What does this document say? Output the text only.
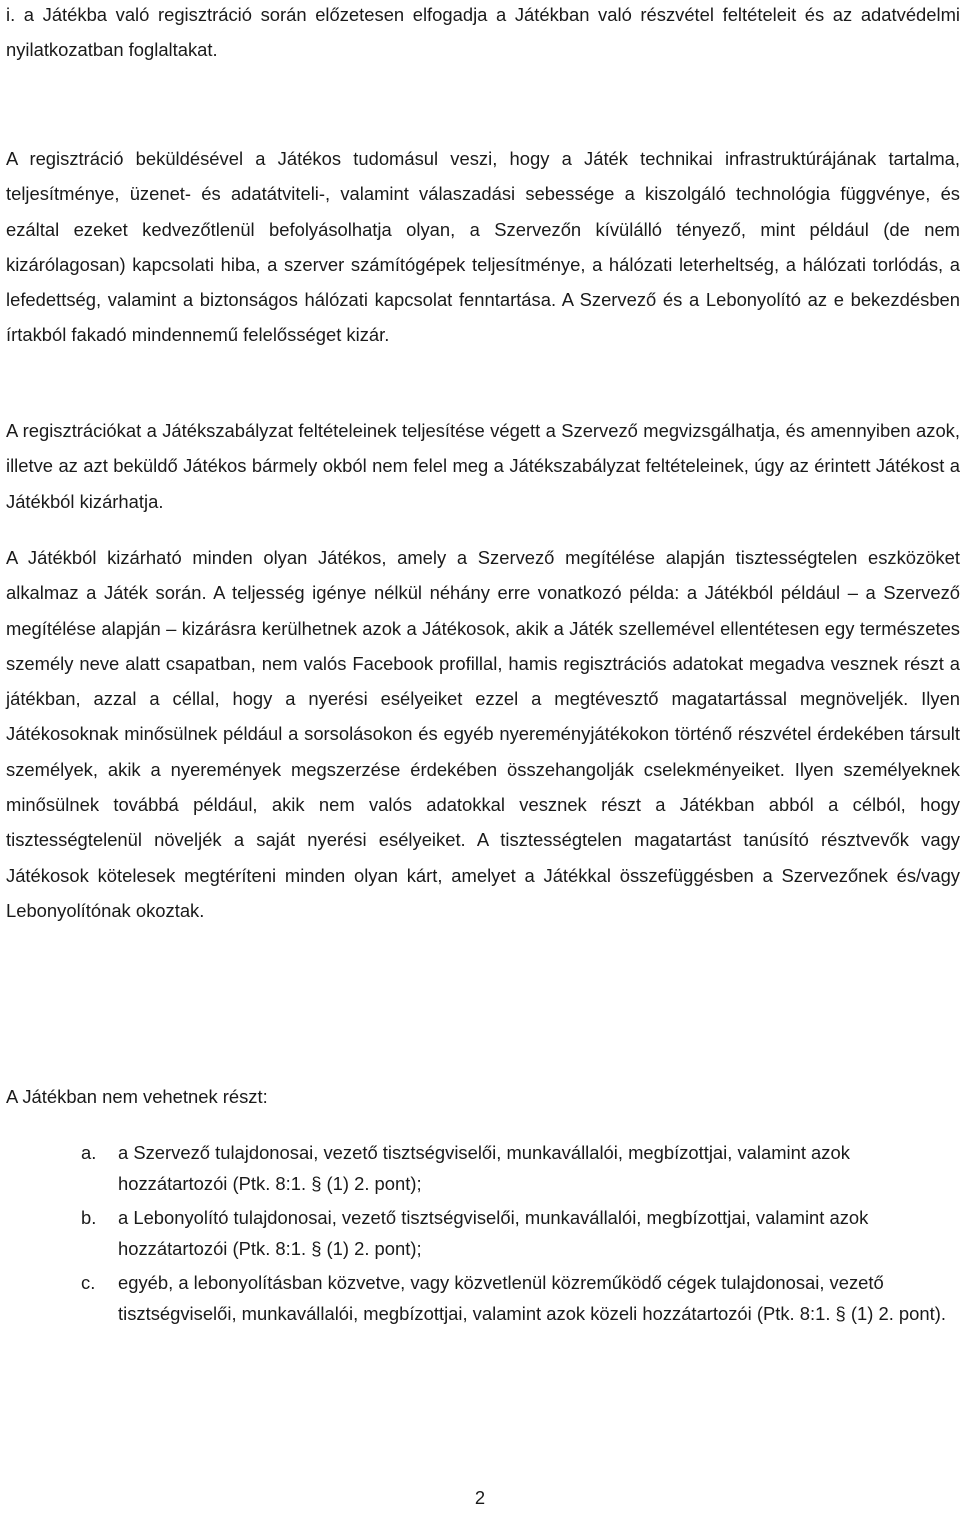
i. a Játékba való regisztráció során előzetesen elfogadja a Játékban való részvétel feltételeit és az adatvédelmi nyilatkozatban foglaltakat.

A regisztráció beküldésével a Játékos tudomásul veszi, hogy a Játék technikai infrastruktúrájának tartalma, teljesítménye, üzenet- és adatátviteli-, valamint válaszadási sebessége a kiszolgáló technológia függvénye, és ezáltal ezeket kedvezőtlenül befolyásolhatja olyan, a Szervezőn kívülálló tényező, mint például (de nem kizárólagosan) kapcsolati hiba, a szerver számítógépek teljesítménye, a hálózati leterheltség, a hálózati torlódás, a lefedettség, valamint a biztonságos hálózati kapcsolat fenntartása. A Szervező és a Lebonyolító az e bekezdésben írtakból fakadó mindennemű felelősséget kizár.

A regisztrációkat a Játékszabályzat feltételeinek teljesítése végett a Szervező megvizsgálhatja, és amennyiben azok, illetve az azt beküldő Játékos bármely okból nem felel meg a Játékszabályzat feltételeinek, úgy az érintett Játékost a Játékból kizárhatja.

A Játékból kizárható minden olyan Játékos, amely a Szervező megítélése alapján tisztességtelen eszközöket alkalmaz a Játék során. A teljesség igénye nélkül néhány erre vonatkozó példa: a Játékból például – a Szervező megítélése alapján – kizárásra kerülhetnek azok a Játékosok, akik a Játék szellemével ellentétesen egy természetes személy neve alatt csapatban, nem valós Facebook profillal, hamis regisztrációs adatokat megadva vesznek részt a játékban, azzal a céllal, hogy a nyerési esélyeiket ezzel a megtévesztő magatartással megnöveljék. Ilyen Játékosoknak minősülnek például a sorsolásokon és egyéb nyereményjátékokon történő részvétel érdekében társult személyek, akik a nyeremények megszerzése érdekében összehangolják cselekményeiket. Ilyen személyeknek minősülnek továbbá például, akik nem valós adatokkal vesznek részt a Játékban abból a célból, hogy tisztességtelenül növeljék a saját nyerési esélyeiket. A tisztességtelen magatartást tanúsító résztvevők vagy Játékosok kötelesek megtéríteni minden olyan kárt, amelyet a Játékkal összefüggésben a Szervezőnek és/vagy Lebonyolítónak okoztak.

A Játékban nem vehetnek részt:

a. a Szervező tulajdonosai, vezető tisztségviselői, munkavállalói, megbízottjai, valamint azok hozzátartozói (Ptk. 8:1. § (1) 2. pont);
b. a Lebonyolító tulajdonosai, vezető tisztségviselői, munkavállalói, megbízottjai, valamint azok hozzátartozói (Ptk. 8:1. § (1) 2. pont);
c. egyéb, a lebonyolításban közvetve, vagy közvetlenül közreműködő cégek tulajdonosai, vezető tisztségviselői, munkavállalói, megbízottjai, valamint azok közeli hozzátartozói (Ptk. 8:1. § (1) 2. pont).

2
